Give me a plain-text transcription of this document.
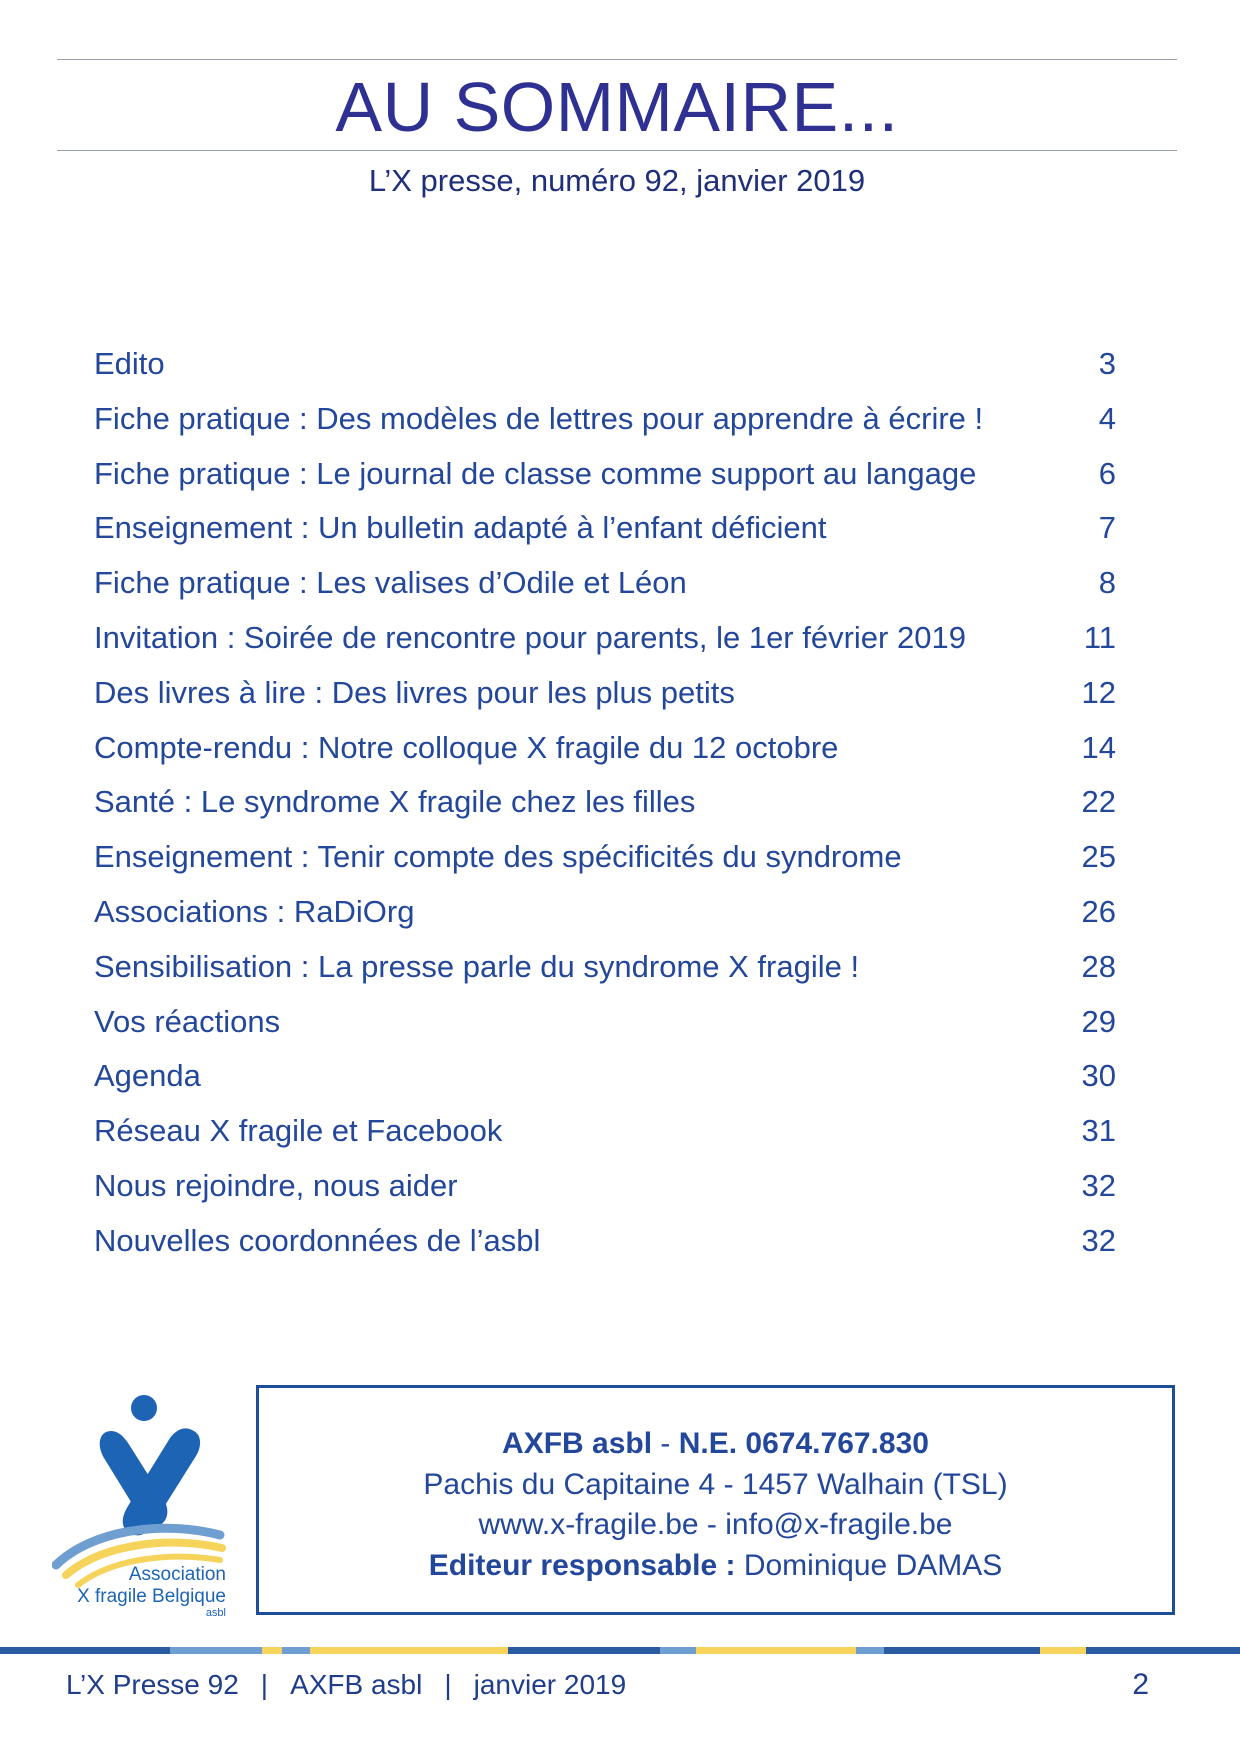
AU SOMMAIRE...
L’X presse, numéro 92, janvier 2019
Edito	3
Fiche pratique : Des modèles de lettres pour apprendre à écrire !	4
Fiche pratique : Le journal de classe comme support au langage	6
Enseignement : Un bulletin adapté à l’enfant déficient	7
Fiche pratique : Les valises d’Odile et Léon	8
Invitation : Soirée de rencontre pour parents, le 1er février 2019	11
Des livres à lire : Des livres pour les plus petits	12
Compte-rendu : Notre colloque X fragile du 12 octobre	14
Santé : Le syndrome X fragile chez les filles	22
Enseignement : Tenir compte des spécificités du syndrome	25
Associations : RaDiOrg	26
Sensibilisation : La presse parle du syndrome X fragile !	28
Vos réactions	29
Agenda	30
Réseau X fragile et Facebook	31
Nous rejoindre, nous aider	32
Nouvelles coordonnées de l’asbl	32
Association
X fragile Belgique
asbl
AXFB asbl - N.E. 0674.767.830
Pachis du Capitaine 4 - 1457 Walhain (TSL)
www.x-fragile.be - info@x-fragile.be
Editeur responsable : Dominique DAMAS
L’X Presse 92 | AXFB asbl | janvier 2019	2
